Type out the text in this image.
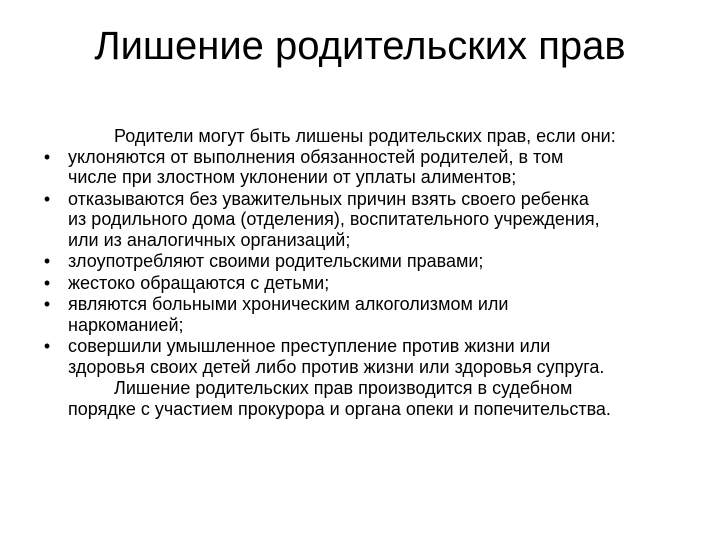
Лишение родительских прав
Родители могут быть лишены родительских прав, если они:
• уклоняются от выполнения обязанностей родителей, в том
числе при злостном уклонении от уплаты алиментов;
• отказываются без уважительных причин взять своего ребенка
из родильного дома (отделения), воспитательного учреждения,
или из аналогичных организаций;
• злоупотребляют своими родительскими правами;
• жестоко обращаются с детьми;
• являются больными хроническим алкоголизмом или
наркоманией;
• совершили умышленное преступление против жизни или
здоровья своих детей либо против жизни или здоровья супруга.
Лишение родительских прав производится в судебном
порядке с участием прокурора и органа опеки и попечительства.
